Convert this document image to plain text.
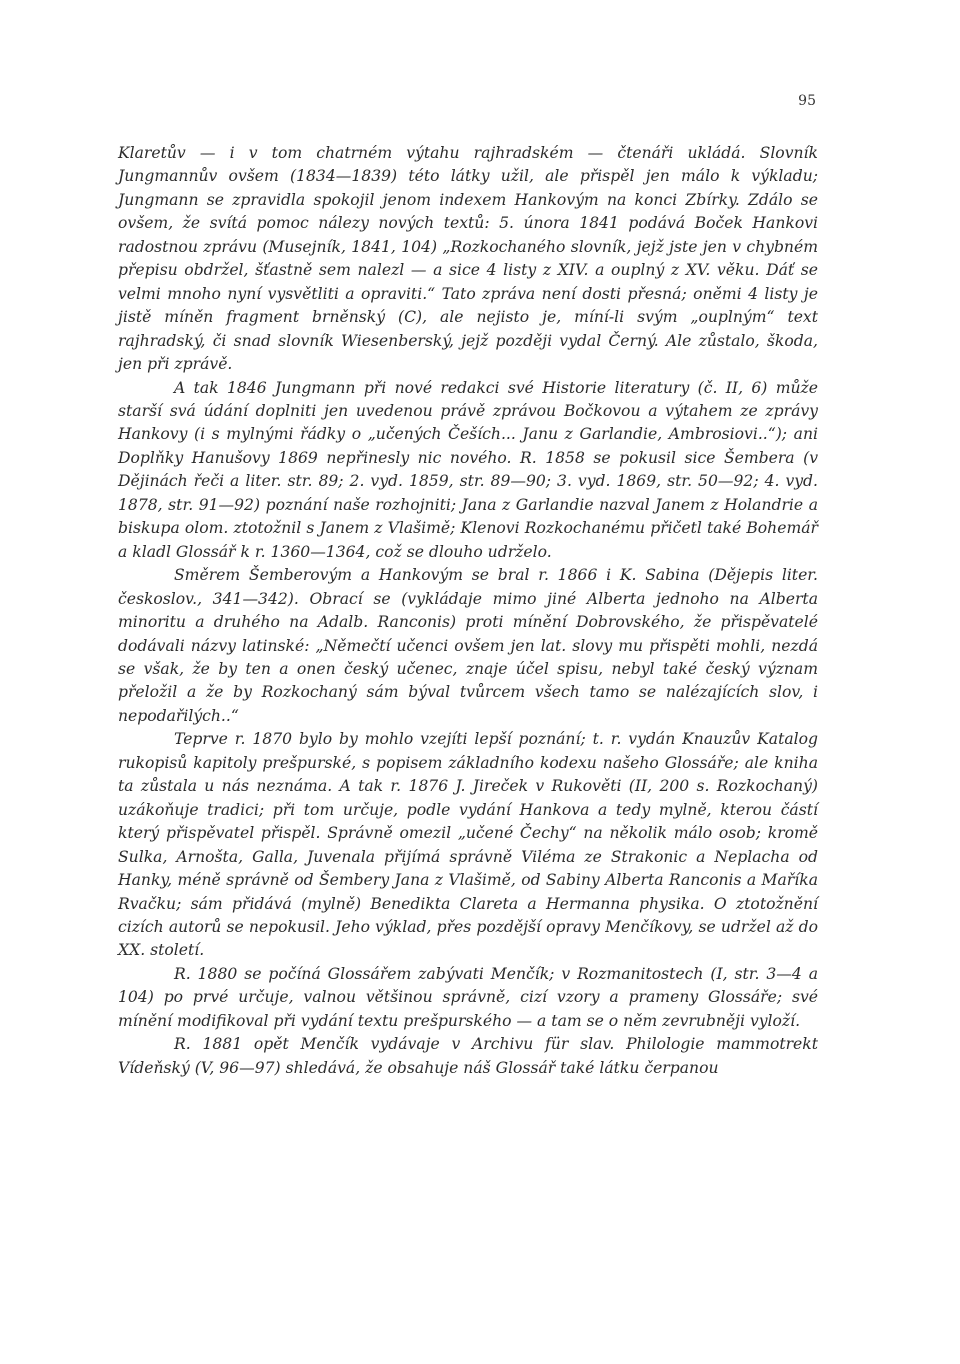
95

Klaretův — i v tom chatrném výtahu rajhradském — čtenáři ukládá. Slovník Jungmannův ovšem (1834—1839) této látky užil, ale přispěl jen málo k výkladu; Jungmann se zpravidla spokojil jenom indexem Hankovým na konci Zbírky. Zdálo se ovšem, že svítá pomoc nálezy nových textů: 5. února 1841 podává Boček Hankovi radostnou zprávu (Musejník, 1841, 104) „Rozkochaného slovník, jejž jste jen v chybném přepisu obdržel, šťastně sem nalezl — a sice 4 listy z XIV. a ouplný z XV. věku. Dáť se velmi mnoho nyní vysvětliti a opraviti.“ Tato zpráva není dosti přesná; oněmi 4 listy je jistě míněn fragment brněnský (C), ale nejisto je, míní-li svým „ouplným“ text rajhradský, či snad slovník Wiesenberský, jejž později vydal Černý. Ale zůstalo, škoda, jen při zprávě.

A tak 1846 Jungmann při nové redakci své Historie literatury (č. II, 6) může starší svá údání doplniti jen uvedenou právě zprávou Bočkovou a výtahem ze zprávy Hankovy (i s mylnými řádky o „učených Češích... Janu z Garlandie, Ambrosiovi..“); ani Doplňky Hanušovy 1869 nepřinesly nic nového. R. 1858 se pokusil sice Šembera (v Dějinách řeči a liter. str. 89; 2. vyd. 1859, str. 89—90; 3. vyd. 1869, str. 50—92; 4. vyd. 1878, str. 91—92) poznání naše rozhojniti; Jana z Garlandie nazval Janem z Holandrie a biskupa olom. ztotožnil s Janem z Vlašimě; Klenovi Rozkochanému přičetl také Bohemář a kladl Glossář k r. 1360—1364, což se dlouho udrželo.

Směrem Šemberovým a Hankovým se bral r. 1866 i K. Sabina (Dějepis liter. českoslov., 341—342). Obrací se (vykládaje mimo jiné Alberta jednoho na Alberta minoritu a druhého na Adalb. Ranconis) proti mínění Dobrovského, že přispěvatelé dodávali názvy latinské: „Němečtí učenci ovšem jen lat. slovy mu přispěti mohli, nezdá se však, že by ten a onen český učenec, znaje účel spisu, nebyl také český význam přeložil a že by Rozkochaný sám býval tvůrcem všech tamo se nalézajících slov, i nepodařilých..“

Teprve r. 1870 bylo by mohlo vzejíti lepší poznání; t. r. vydán Knauzův Katalog rukopisů kapitoly prešpurské, s popisem základního kodexu našeho Glossáře; ale kniha ta zůstala u nás neznáma. A tak r. 1876 J. Jireček v Rukověti (II, 200 s. Rozkochaný) uzákoňuje tradici; při tom určuje, podle vydání Hankova a tedy mylně, kterou částí který přispěvatel přispěl. Správně omezil „učené Čechy“ na několik málo osob; kromě Sulka, Arnošta, Galla, Juvenala přijímá správně Viléma ze Strakonic a Neplacha od Hanky, méně správně od Šembery Jana z Vlašimě, od Sabiny Alberta Ranconis a Maříka Rvačku; sám přidává (mylně) Benedikta Clareta a Hermanna physika. O ztotožnění cizích autorů se nepokusil. Jeho výklad, přes pozdější opravy Menčíkovy, se udržel až do XX. století.

R. 1880 se počíná Glossářem zabývati Menčík; v Rozmanitostech (I, str. 3—4 a 104) po prvé určuje, valnou většinou správně, cizí vzory a prameny Glossáře; své mínění modifikoval při vydání textu prešpurského — a tam se o něm zevrubněji vyloží.

R. 1881 opět Menčík vydávaje v Archivu für slav. Philologie mammotrekt Vídeňský (V, 96—97) shledává, že obsahuje náš Glossář také látku čerpanou
